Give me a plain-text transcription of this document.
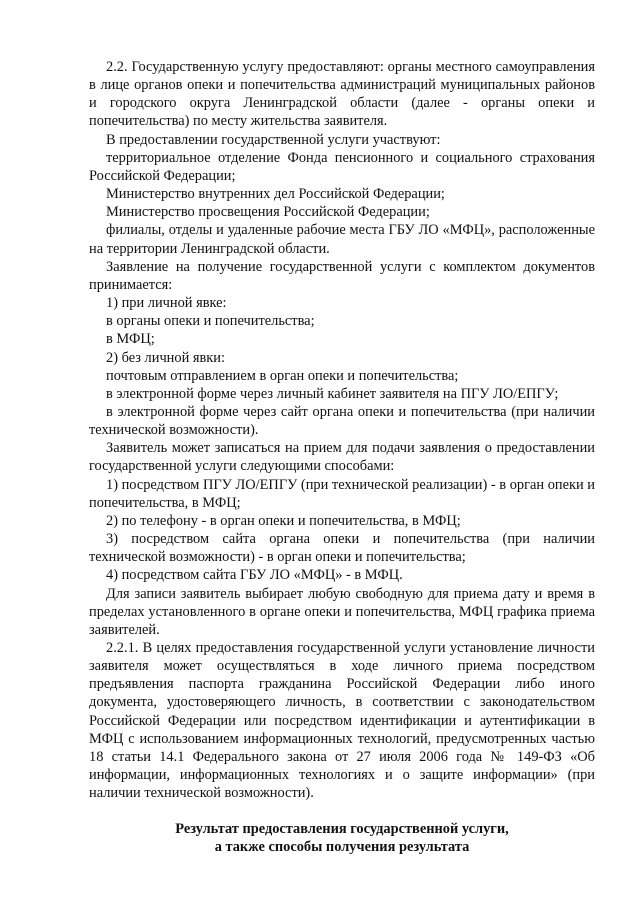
2.2. Государственную услугу предоставляют: органы местного самоуправления в лице органов опеки и попечительства администраций муниципальных районов и городского округа Ленинградской области (далее - органы опеки и попечительства) по месту жительства заявителя.

В предоставлении государственной услуги участвуют:

территориальное отделение Фонда пенсионного и социального страхования Российской Федерации;

Министерство внутренних дел Российской Федерации;

Министерство просвещения Российской Федерации;

филиалы, отделы и удаленные рабочие места ГБУ ЛО «МФЦ», расположенные на территории Ленинградской области.

Заявление на получение государственной услуги с комплектом документов принимается:

1) при личной явке:

в органы опеки и попечительства;

в МФЦ;

2) без личной явки:

почтовым отправлением в орган опеки и попечительства;

в электронной форме через личный кабинет заявителя на ПГУ ЛО/ЕПГУ;

в электронной форме через сайт органа опеки и попечительства (при наличии технической возможности).

Заявитель может записаться на прием для подачи заявления о предоставлении государственной услуги следующими способами:

1) посредством ПГУ ЛО/ЕПГУ (при технической реализации) - в орган опеки и попечительства, в МФЦ;

2) по телефону - в орган опеки и попечительства, в МФЦ;

3) посредством сайта органа опеки и попечительства (при наличии технической возможности) - в орган опеки и попечительства;

4) посредством сайта ГБУ ЛО «МФЦ» - в МФЦ.

Для записи заявитель выбирает любую свободную для приема дату и время в пределах установленного в органе опеки и попечительства, МФЦ графика приема заявителей.

2.2.1. В целях предоставления государственной услуги установление личности заявителя может осуществляться в ходе личного приема посредством предъявления паспорта гражданина Российской Федерации либо иного документа, удостоверяющего личность, в соответствии с законодательством Российской Федерации или посредством идентификации и аутентификации в МФЦ с использованием информационных технологий, предусмотренных частью 18 статьи 14.1 Федерального закона от 27 июля 2006 года № 149-ФЗ «Об информации, информационных технологиях и о защите информации» (при наличии технической возможности).

Результат предоставления государственной услуги,

а также способы получения результата
